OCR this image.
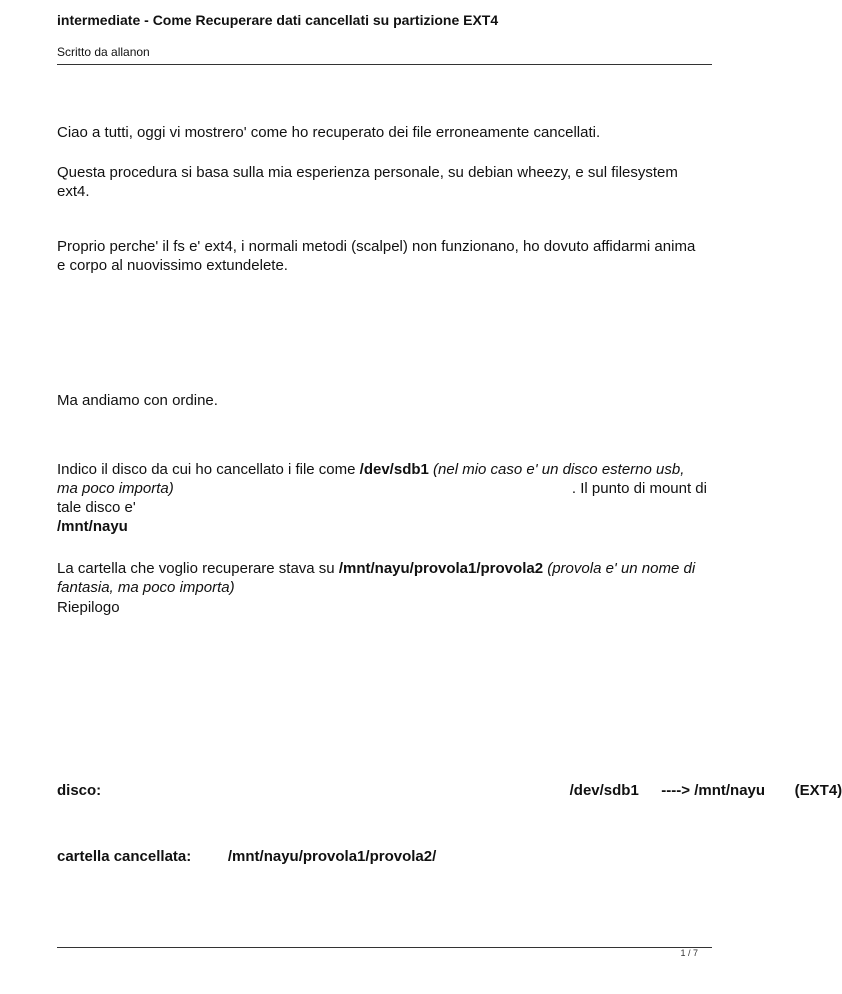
intermediate - Come Recuperare dati cancellati su partizione EXT4
Scritto da allanon
Ciao a tutti, oggi vi mostrero' come ho recuperato dei file erroneamente cancellati.
Questa procedura si basa sulla mia esperienza personale, su debian wheezy, e sul filesystem ext4.
Proprio perche' il fs e' ext4, i normali metodi (scalpel) non funzionano, ho dovuto affidarmi anima e corpo al nuovissimo extundelete.
Ma andiamo con ordine.
Indico il disco da cui ho cancellato i file come /dev/sdb1 (nel mio caso e' un disco esterno usb, ma poco importa)	. Il punto di mount di

tale disco e'
/mnt/nayu
La cartella che voglio recuperare stava su /mnt/nayu/provola1/provola2 (provola e' un nome di fantasia, ma poco importa)
Riepilogo
disco:														/dev/sdb1	----> /mnt/nayu	(EXT4)
cartella cancellata:	/mnt/nayu/provola1/provola2/
1 / 7
